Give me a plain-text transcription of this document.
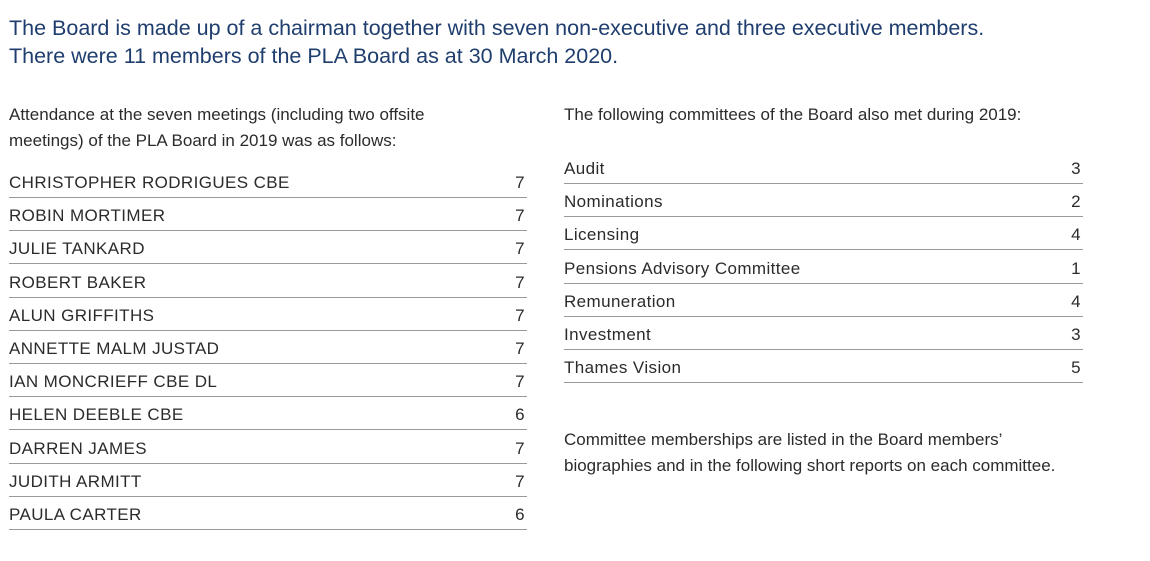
The Board is made up of a chairman together with seven non-executive and three executive members.
There were 11 members of the PLA Board as at 30 March 2020.

Attendance at the seven meetings (including two offsite
meetings) of the PLA Board in 2019 was as follows:

CHRISTOPHER RODRIGUES CBE	7
ROBIN MORTIMER	7
JULIE TANKARD	7
ROBERT BAKER	7
ALUN GRIFFITHS	7
ANNETTE MALM JUSTAD	7
IAN MONCRIEFF CBE DL	7
HELEN DEEBLE CBE	6
DARREN JAMES	7
JUDITH ARMITT	7
PAULA CARTER	6

The following committees of the Board also met during 2019:

Audit	3
Nominations	2
Licensing	4
Pensions Advisory Committee	1
Remuneration	4
Investment	3
Thames Vision	5

Committee memberships are listed in the Board members’
biographies and in the following short reports on each committee.
